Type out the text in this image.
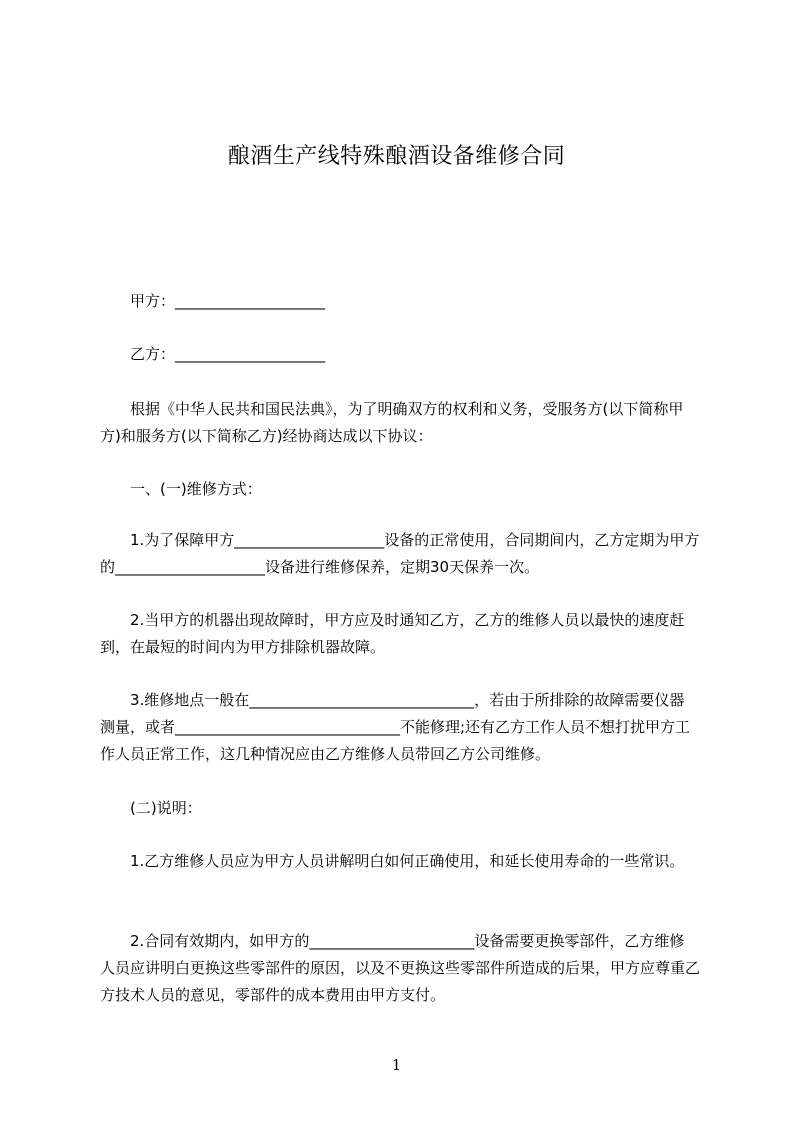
酿酒生产线特殊酿酒设备维修合同
甲方：____________________
乙方：____________________
根据《中华人民共和国民法典》，为了明确双方的权利和义务，受服务方(以下简称甲方)和服务方(以下简称乙方)经协商达成以下协议：
一、(一)维修方式：
1.为了保障甲方____________________设备的正常使用，合同期间内，乙方定期为甲方的____________________设备进行维修保养，定期30天保养一次。
2.当甲方的机器出现故障时，甲方应及时通知乙方，乙方的维修人员以最快的速度赶到，在最短的时间内为甲方排除机器故障。
3.维修地点一般在______________________________，若由于所排除的故障需要仪器 测量，或者______________________________不能修理;还有乙方工作人员不想打扰甲方工作人员正常工作，这几种情况应由乙方维修人员带回乙方公司维修。
(二)说明：
1.乙方维修人员应为甲方人员讲解明白如何正确使用，和延长使用寿命的一些常识。
2.合同有效期内，如甲方的______________________设备需要更换零部件，乙方维修 人员应讲明白更换这些零部件的原因，以及不更换这些零部件所造成的后果，甲方应尊重乙方技术人员的意见，零部件的成本费用由甲方支付。
1
